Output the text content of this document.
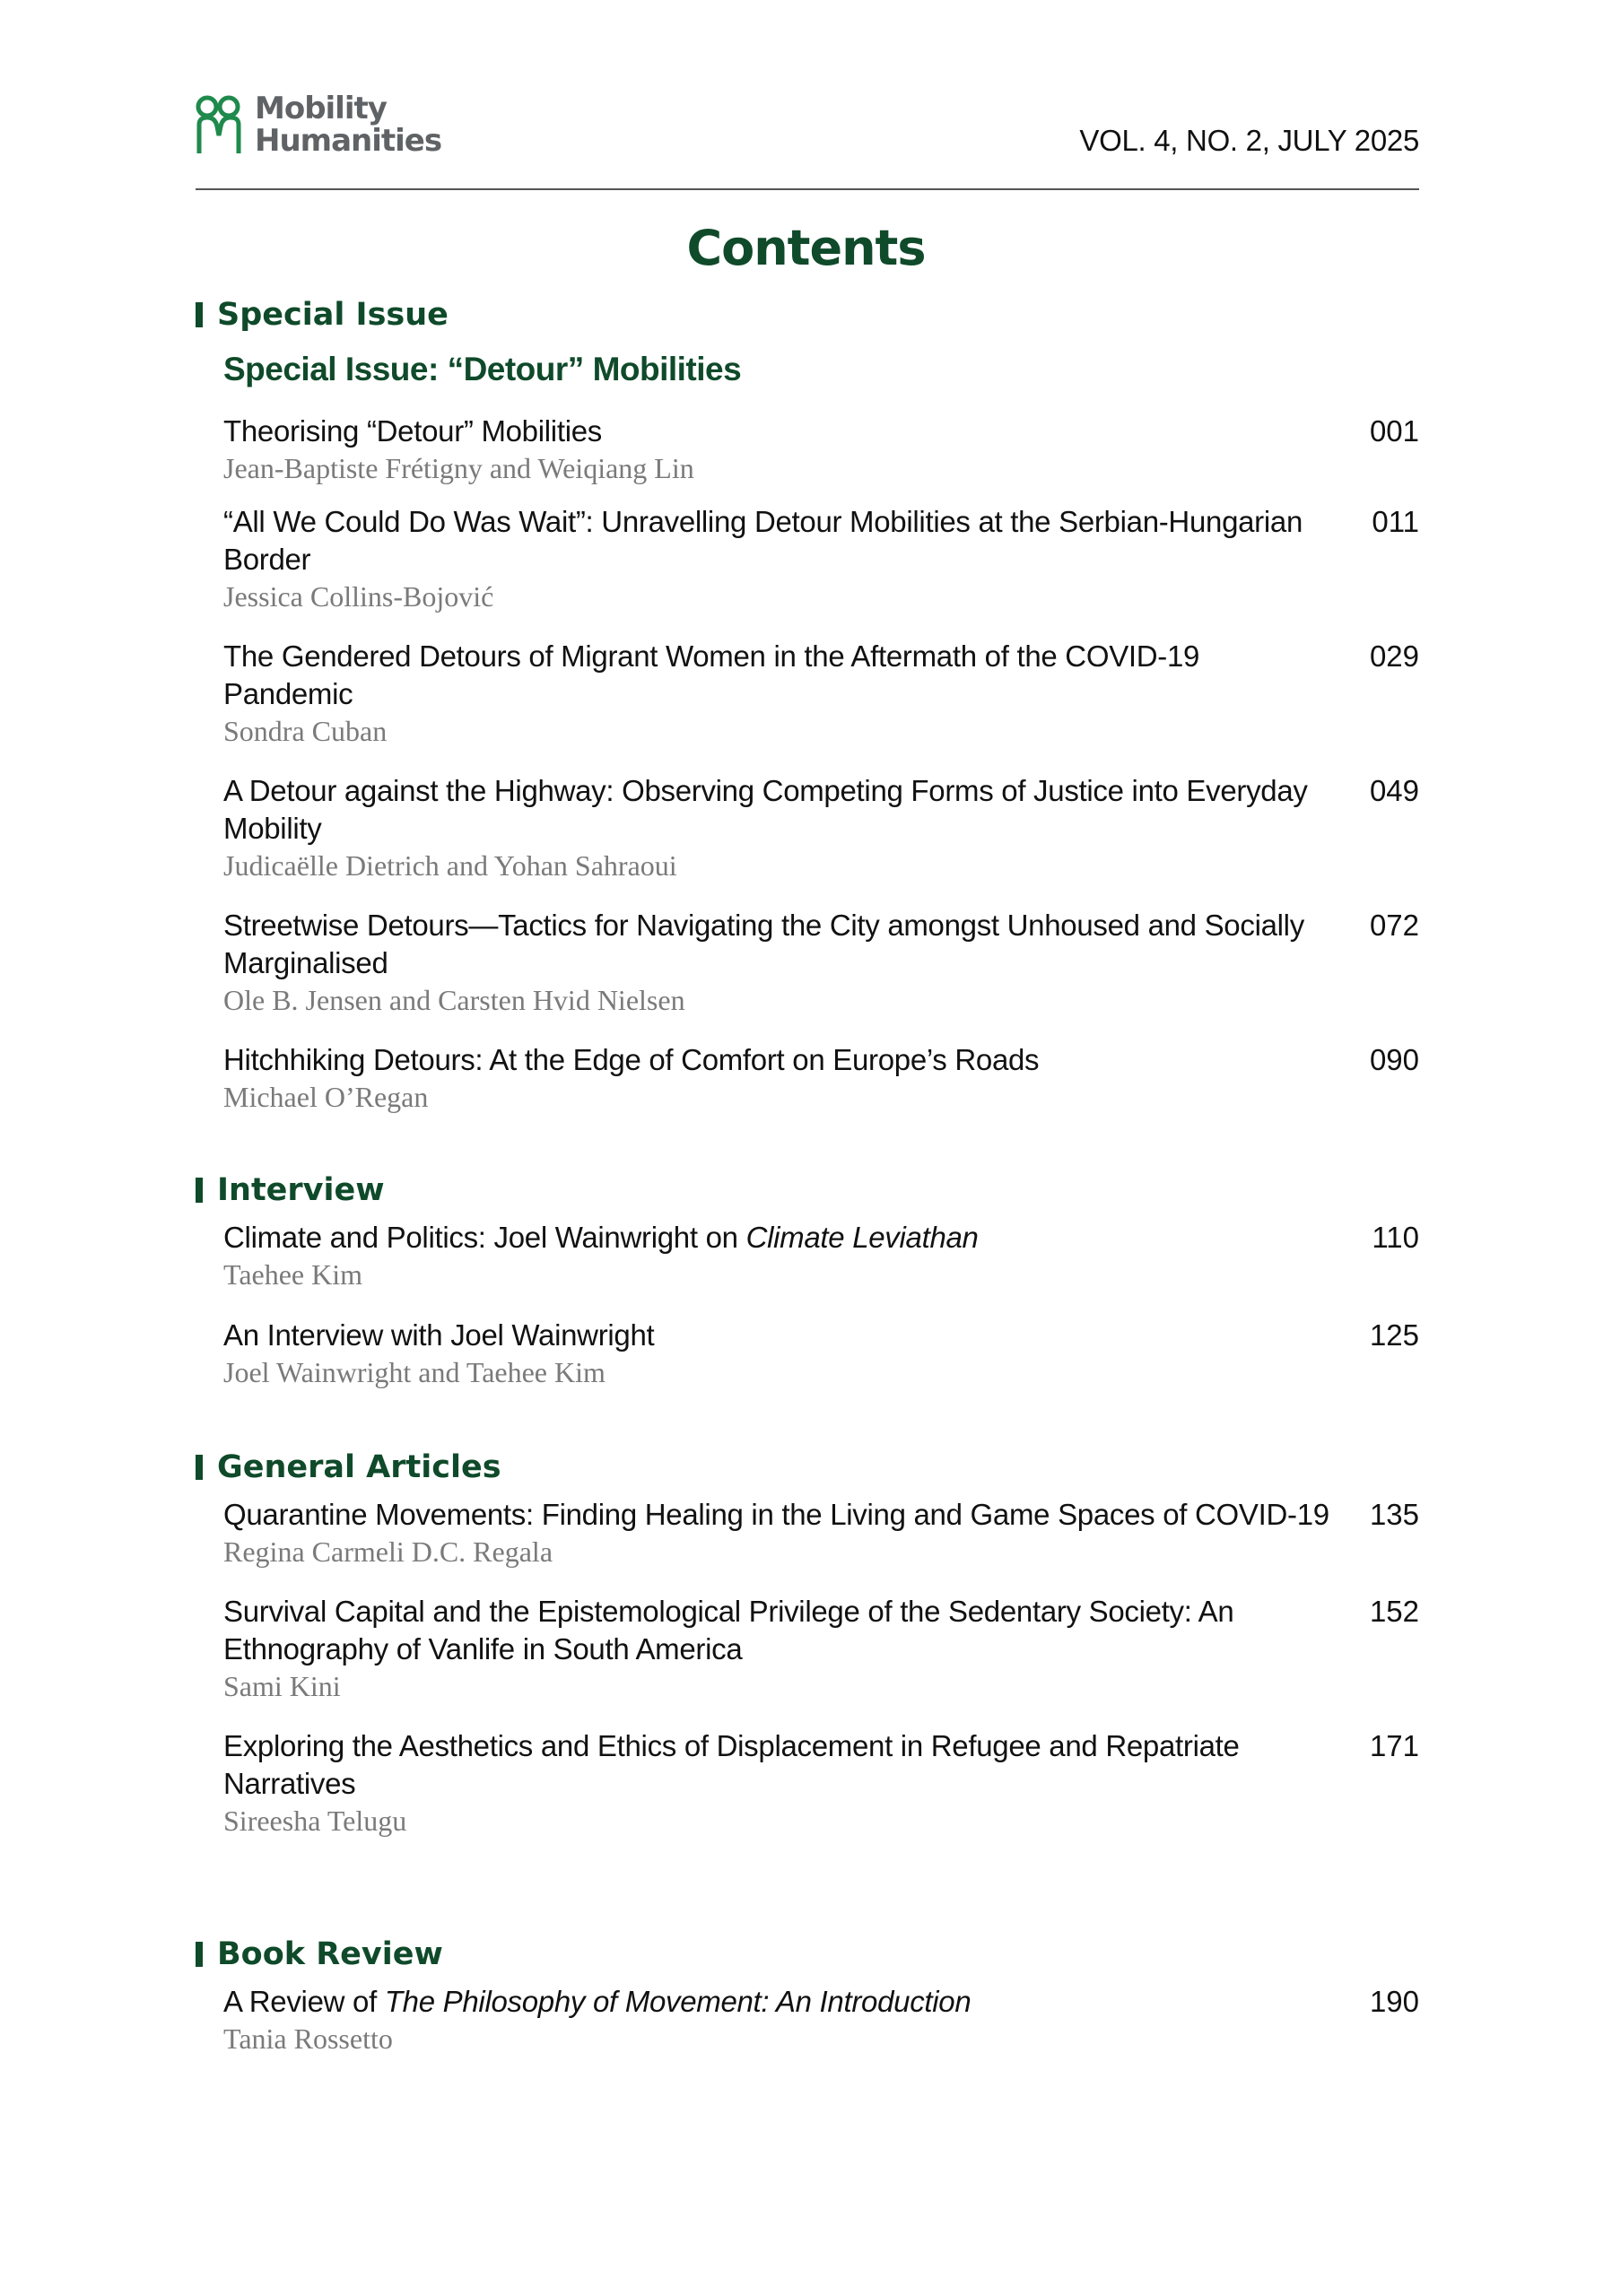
Mobility
Humanities	VOL. 4, NO. 2, JULY 2025
Contents
Special Issue
Special Issue: “Detour” Mobilities
Theorising “Detour” Mobilities
Jean-Baptiste Frétigny and Weiqiang Lin
001
“All We Could Do Was Wait”: Unravelling Detour Mobilities at the Serbian-Hungarian Border
Jessica Collins-Bojović
011
The Gendered Detours of Migrant Women in the Aftermath of the COVID-19 Pandemic
Sondra Cuban
029
A Detour against the Highway: Observing Competing Forms of Justice into Everyday Mobility
Judicaëlle Dietrich and Yohan Sahraoui
049
Streetwise Detours—Tactics for Navigating the City amongst Unhoused and Socially Marginalised
Ole B. Jensen and Carsten Hvid Nielsen
072
Hitchhiking Detours: At the Edge of Comfort on Europe’s Roads
Michael O’Regan
090
Interview
Climate and Politics: Joel Wainwright on Climate Leviathan
Taehee Kim
110
An Interview with Joel Wainwright
Joel Wainwright and Taehee Kim
125
General Articles
Quarantine Movements: Finding Healing in the Living and Game Spaces of COVID-19
Regina Carmeli D.C. Regala
135
Survival Capital and the Epistemological Privilege of the Sedentary Society: An Ethnography of Vanlife in South America
Sami Kini
152
Exploring the Aesthetics and Ethics of Displacement in Refugee and Repatriate Narratives
Sireesha Telugu
171
Book Review
A Review of The Philosophy of Movement: An Introduction
Tania Rossetto
190
